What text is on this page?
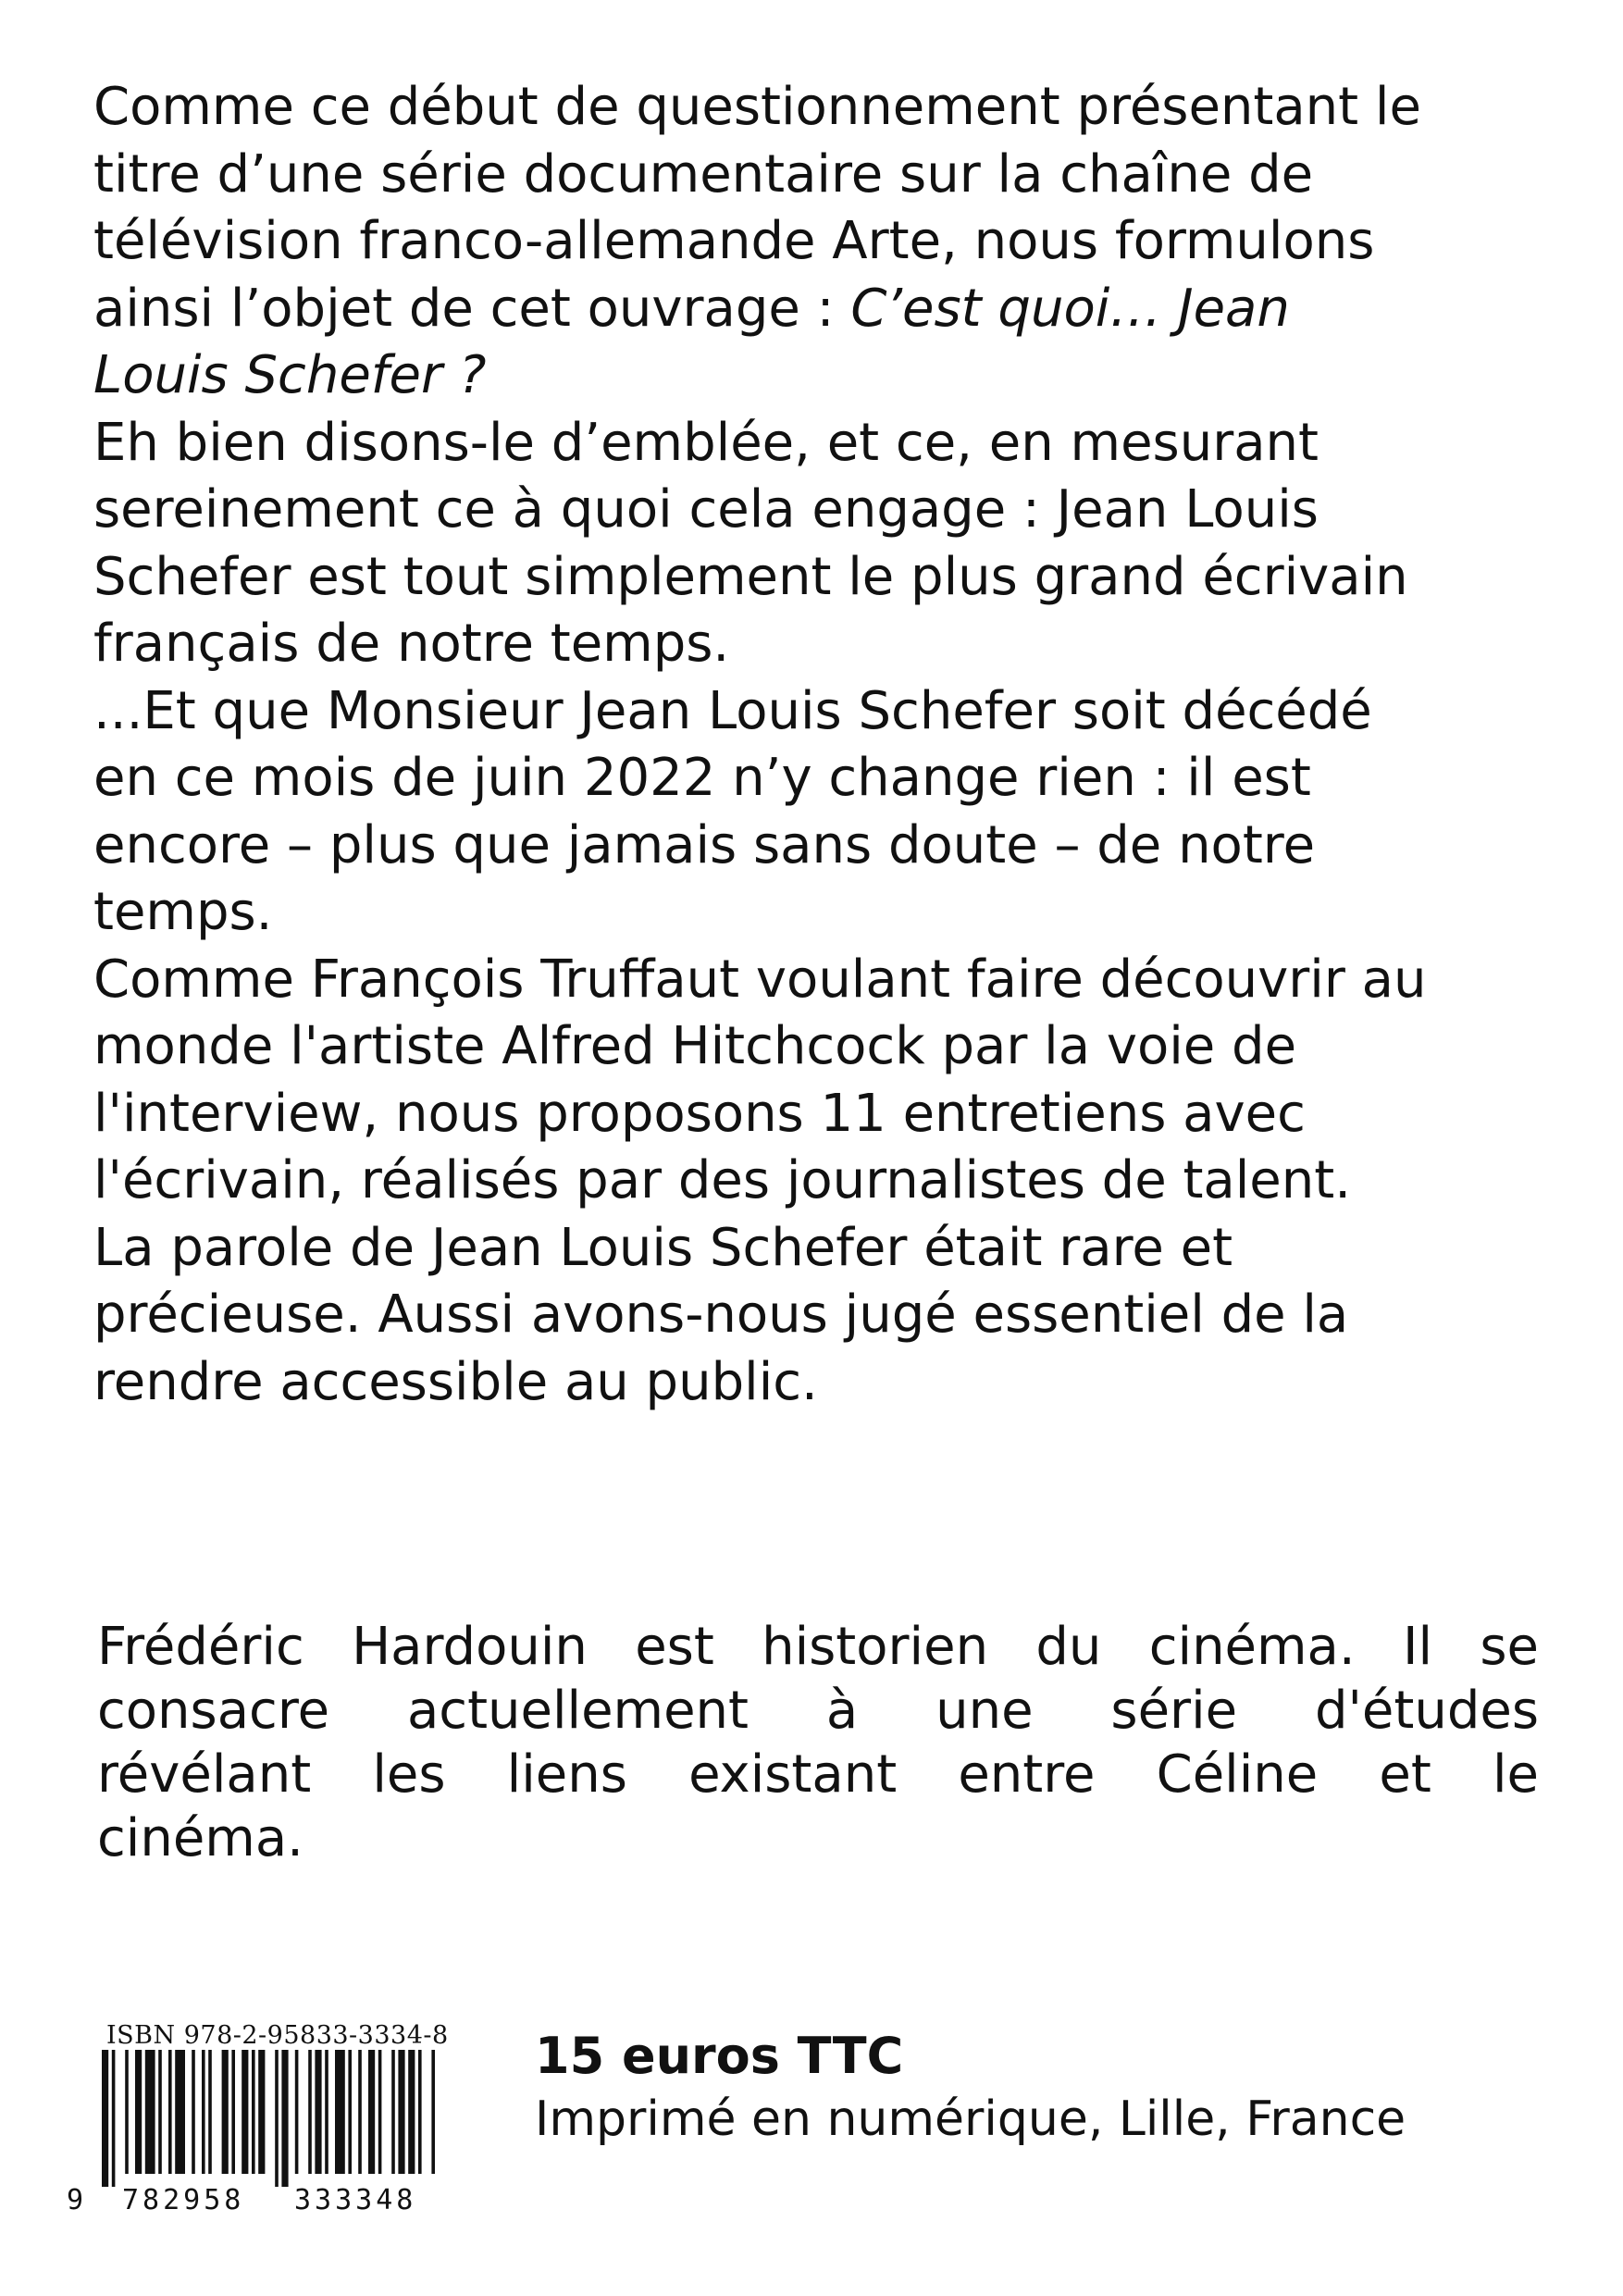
Comme ce début de questionnement présentant le
titre d’une série documentaire sur la chaîne de
télévision franco-allemande Arte, nous formulons
ainsi l’objet de cet ouvrage : C’est quoi… Jean
Louis Schefer ?
Eh bien disons-le d’emblée, et ce, en mesurant
sereinement ce à quoi cela engage : Jean Louis
Schefer est tout simplement le plus grand écrivain
français de notre temps.
...Et que Monsieur Jean Louis Schefer soit décédé
en ce mois de juin 2022 n’y change rien : il est
encore – plus que jamais sans doute – de notre
temps.
Comme François Truffaut voulant faire découvrir au
monde l'artiste Alfred Hitchcock par la voie de
l'interview, nous proposons 11 entretiens avec
l'écrivain, réalisés par des journalistes de talent.
La parole de Jean Louis Schefer était rare et
précieuse. Aussi avons-nous jugé essentiel de la
rendre accessible au public.
Frédéric Hardouin est historien du cinéma. Il se
consacre actuellement à une série d'études
révélant les liens existant entre Céline et le
cinéma.
ISBN 978-2-95833-3334-8
9 782958 333348
15 euros TTC
Imprimé en numérique, Lille, France
